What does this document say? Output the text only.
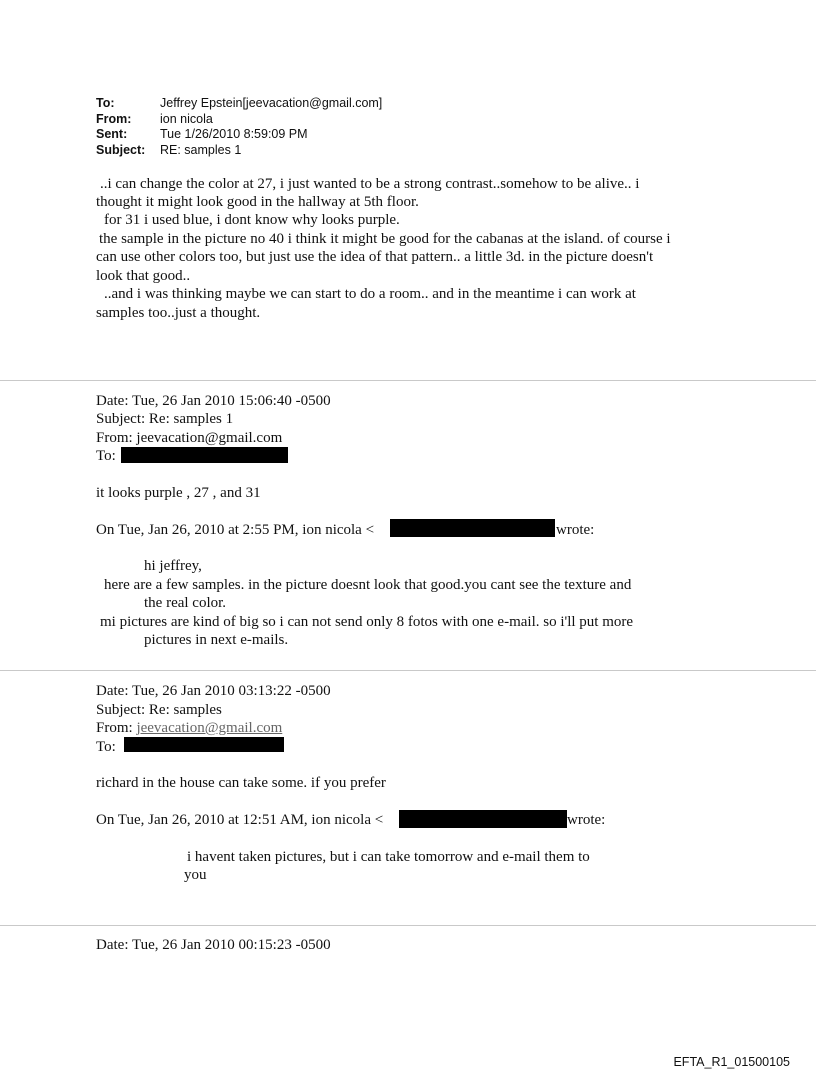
To:	Jeffrey Epstein[jeevacation@gmail.com]
From: ion nicola
Sent:	Tue 1/26/2010 8:59:09 PM
Subject: RE: samples 1
..i can change the color at 27, i just wanted to be a strong contrast..somehow to be alive.. i
thought it might look good in the hallway at 5th floor.
for 31 i used blue, i dont know why looks purple.
the sample in the picture no 40 i think it might be good for the cabanas at the island. of course i
can use other colors too, but just use the idea of that pattern.. a little 3d. in the picture doesn't
look that good..
..and i was thinking maybe we can start to do a room.. and in the meantime i can work at
samples too..just a thought.
Date: Tue, 26 Jan 2010 15:06:40 -0500
Subject: Re: samples 1
From: jeevacation@gmail.com
To:
it looks purple , 27 , and 31
On Tue, Jan 26, 2010 at 2:55 PM, ion nicola <	wrote:
hi jeffrey,
here are a few samples. in the picture doesnt look that good.you cant see the texture and
the real color.
mi pictures are kind of big so i can not send only 8 fotos with one e-mail. so i'll put more
pictures in next e-mails.
Date: Tue, 26 Jan 2010 03:13:22 -0500
Subject: Re: samples
From: jeevacation@gmail.com
To:
richard in the house can take some. if you prefer
On Tue, Jan 26, 2010 at 12:51 AM, ion nicola <	wrote:
i havent taken pictures, but i can take tomorrow and e-mail them to
you
Date: Tue, 26 Jan 2010 00:15:23 -0500
EFTA_R1_01500105
